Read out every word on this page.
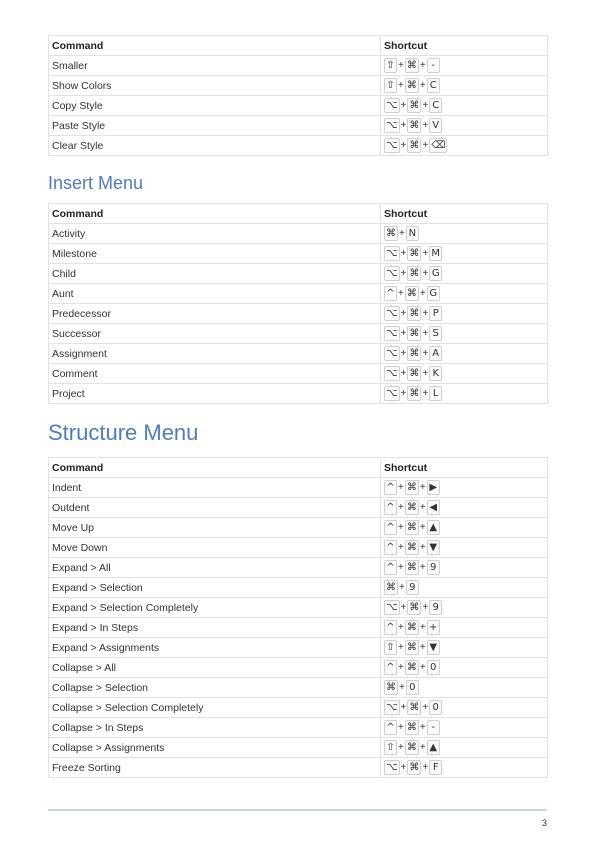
Command	Shortcut
Smaller	⇧ + ⌘ + -

Show Colors	⇧ + ⌘ + C

Copy Style	⌥ + ⌘ + C

Paste Style	⌥ + ⌘ + V

Clear Style	⌥ + ⌘ + ⌫
Insert Menu
Command	Shortcut
Activity	⌘ + N

Milestone	⌥ + ⌘ + M

Child	⌥ + ⌘ + G

Aunt	^ + ⌘ + G

Predecessor	⌥ + ⌘ + P

Successor	⌥ + ⌘ + S

Assignment	⌥ + ⌘ + A

Comment	⌥ + ⌘ + K

Project	⌥ + ⌘ + L
Structure Menu
Command	Shortcut
Indent	^ + ⌘ + ▶

Outdent	^ + ⌘ + ◀

Move Up	^ + ⌘ + ▲

Move Down	^ + ⌘ + ▼

Expand > All	^ + ⌘ + 9

Expand > Selection	⌘ + 9

Expand > Selection Completely	⌥ + ⌘ + 9

Expand > In Steps	^ + ⌘ + +

Expand > Assignments	⇧ + ⌘ + ▼

Collapse > All	^ + ⌘ + 0

Collapse > Selection	⌘ + 0

Collapse > Selection Completely	⌥ + ⌘ + 0

Collapse > In Steps	^ + ⌘ + -

Collapse > Assignments	⇧ + ⌘ + ▲

Freeze Sorting	⌥ + ⌘ + F
3
